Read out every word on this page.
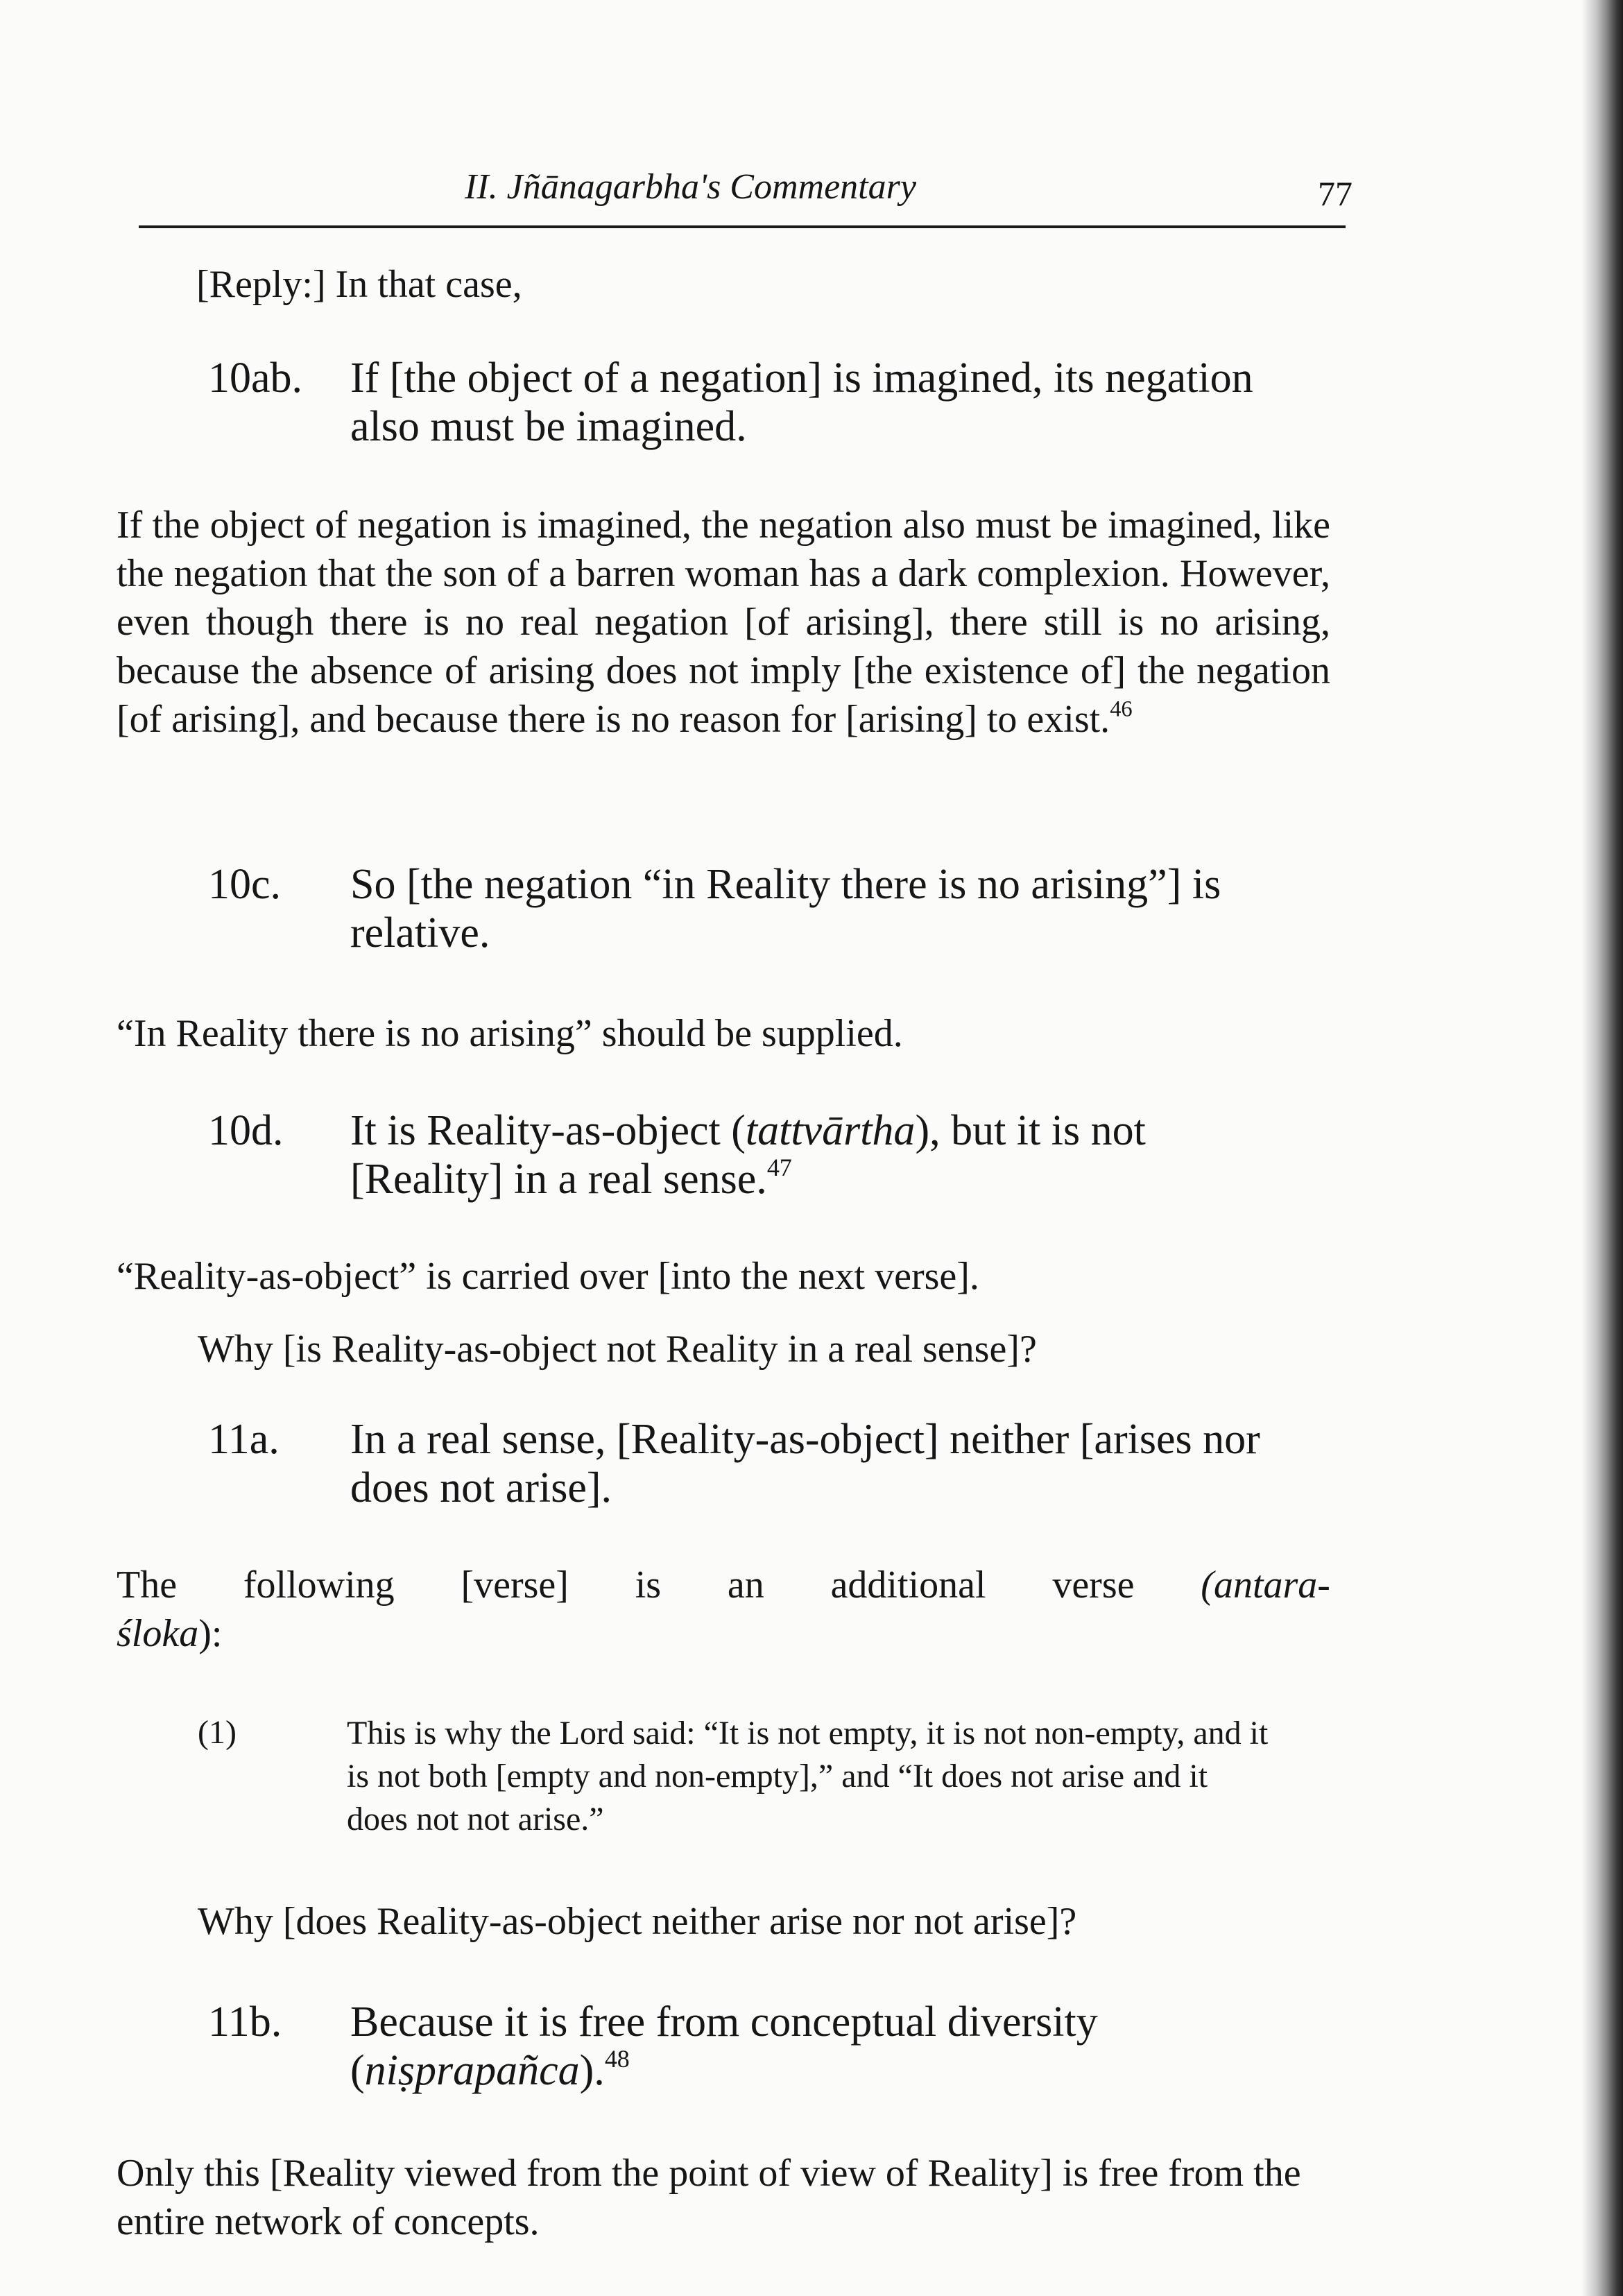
II. Jñānagarbha's Commentary	77

[Reply:] In that case,

10ab. If [the object of a negation] is imagined, its negation also must be imagined.

If the object of negation is imagined, the negation also must be imagined, like the negation that the son of a barren woman has a dark complexion. However, even though there is no real negation [of arising], there still is no arising, because the absence of arising does not imply [the existence of] the negation [of arising], and because there is no reason for [arising] to exist.$^{46}$

10c. So [the negation “in Reality there is no arising”] is relative.

“In Reality there is no arising” should be supplied.

10d. It is Reality-as-object (tattvārtha), but it is not [Reality] in a real sense.$^{47}$

“Reality-as-object” is carried over [into the next verse].

Why [is Reality-as-object not Reality in a real sense]?

11a. In a real sense, [Reality-as-object] neither [arises nor does not arise].

The following [verse] is an additional verse (antara-
śloka):
(1)	This is why the Lord said: “It is not empty, it is not non-empty, and it is not both [empty and non-empty],” and “It does not arise and it does not not arise.”

Why [does Reality-as-object neither arise nor not arise]?

11b. Because it is free from conceptual diversity (niṣprapañca).$^{48}$

Only this [Reality viewed from the point of view of Reality] is free from the entire network of concepts.
